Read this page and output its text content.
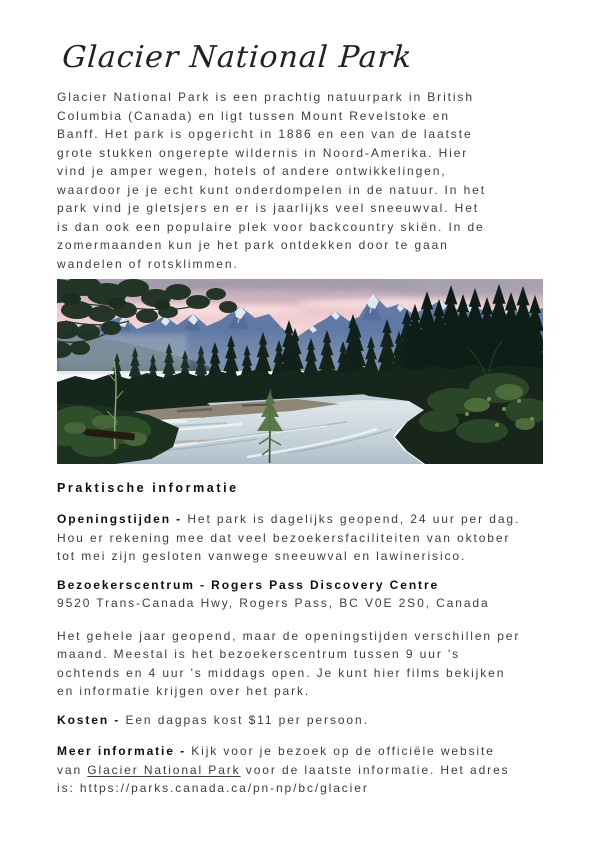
Glacier National Park
Glacier National Park is een prachtig natuurpark in British
Columbia (Canada) en ligt tussen Mount Revelstoke en
Banff. Het park is opgericht in 1886 en een van de laatste
grote stukken ongerepte wildernis in Noord-Amerika. Hier
vind je amper wegen, hotels of andere ontwikkelingen,
waardoor je je echt kunt onderdompelen in de natuur. In het
park vind je gletsjers en er is jaarlijks veel sneeuwval. Het
is dan ook een populaire plek voor backcountry skiën. In de
zomermaanden kun je het park ontdekken door te gaan
wandelen of rotsklimmen.
Praktische informatie
Openingstijden - Het park is dagelijks geopend, 24 uur per dag.
Hou er rekening mee dat veel bezoekersfaciliteiten van oktober
tot mei zijn gesloten vanwege sneeuwval en lawinerisico.
Bezoekerscentrum - Rogers Pass Discovery Centre
9520 Trans-Canada Hwy, Rogers Pass, BC V0E 2S0, Canada
Het gehele jaar geopend, maar de openingstijden verschillen per
maand. Meestal is het bezoekerscentrum tussen 9 uur 's
ochtends en 4 uur 's middags open. Je kunt hier films bekijken
en informatie krijgen over het park.
Kosten - Een dagpas kost $11 per persoon.
Meer informatie - Kijk voor je bezoek op de officiële website
van Glacier National Park voor de laatste informatie. Het adres
is: https://parks.canada.ca/pn-np/bc/glacier
